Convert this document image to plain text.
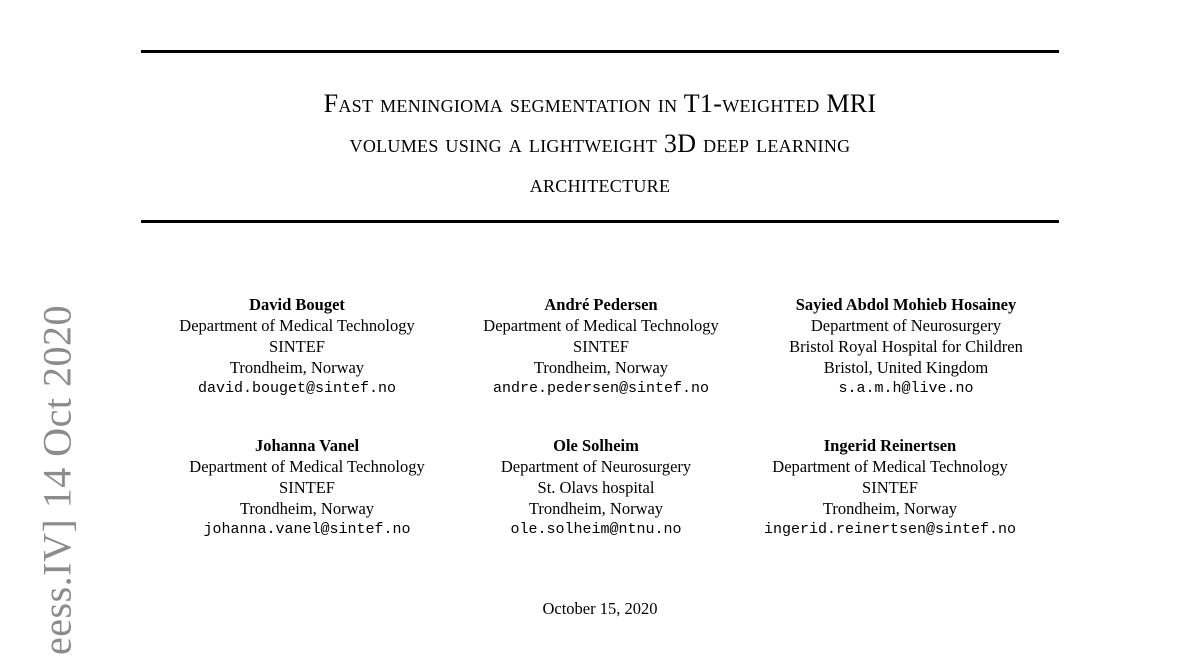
eess.IV] 14 Oct 2020
Fast meningioma segmentation in T1-weighted MRI
volumes using a lightweight 3D deep learning
architecture
David Bouget
Department of Medical Technology
SINTEF
Trondheim, Norway
david.bouget@sintef.no
André Pedersen
Department of Medical Technology
SINTEF
Trondheim, Norway
andre.pedersen@sintef.no
Sayied Abdol Mohieb Hosainey
Department of Neurosurgery
Bristol Royal Hospital for Children
Bristol, United Kingdom
s.a.m.h@live.no
Johanna Vanel
Department of Medical Technology
SINTEF
Trondheim, Norway
johanna.vanel@sintef.no
Ole Solheim
Department of Neurosurgery
St. Olavs hospital
Trondheim, Norway
ole.solheim@ntnu.no
Ingerid Reinertsen
Department of Medical Technology
SINTEF
Trondheim, Norway
ingerid.reinertsen@sintef.no
October 15, 2020
